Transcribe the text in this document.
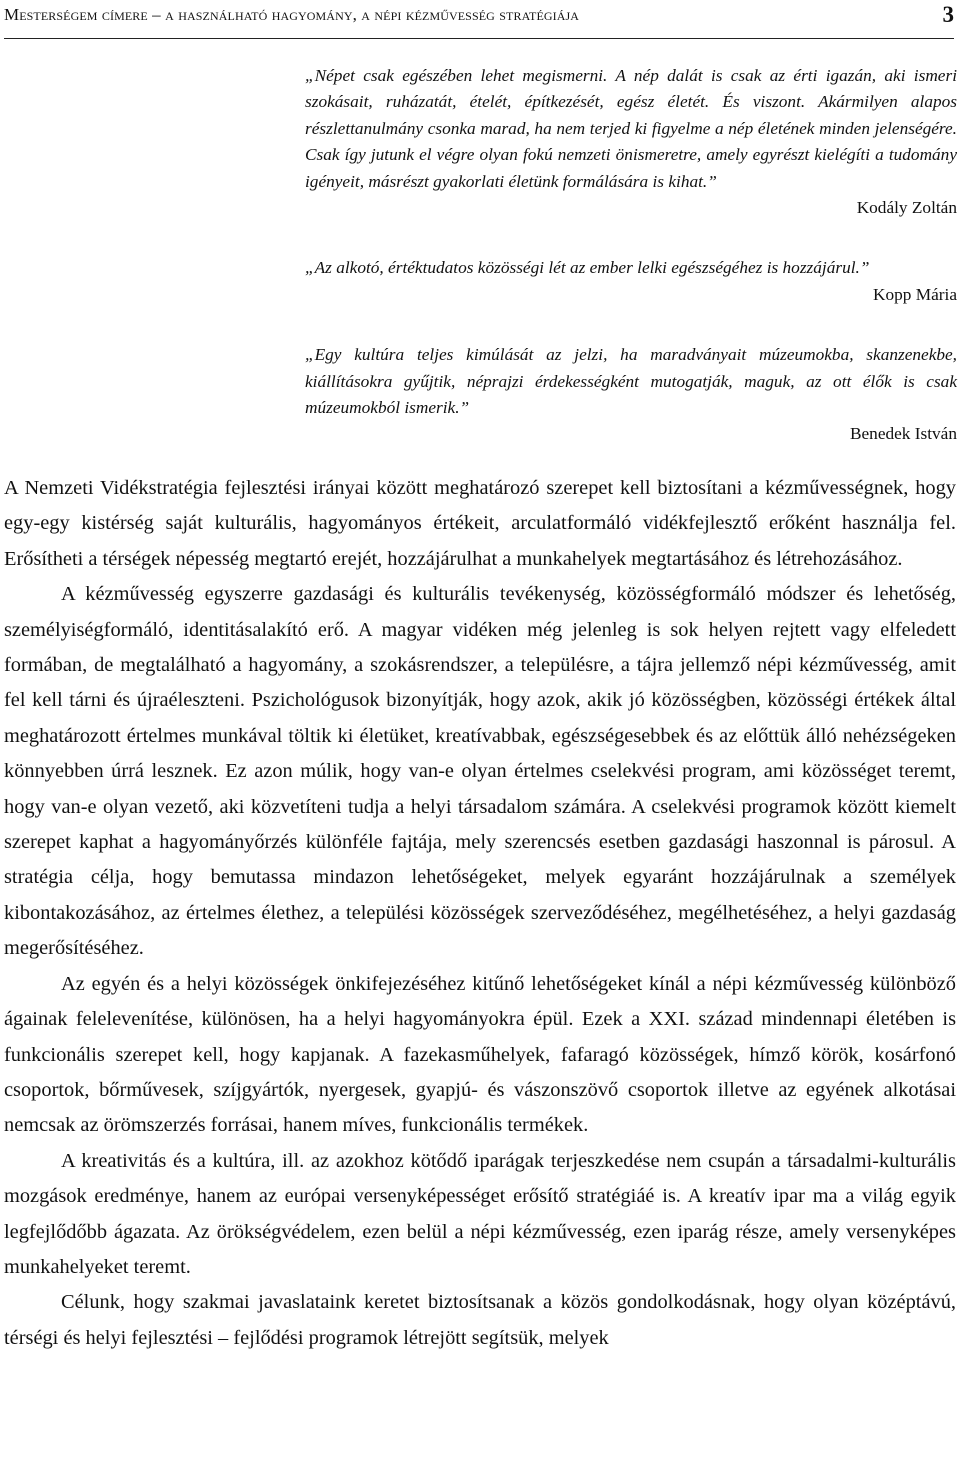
Mesterségem címere – a használható hagyomány, a népi kézművesség stratégiája	3

„Népet csak egészében lehet megismerni. A nép dalát is csak az érti igazán, aki ismeri szokásait, ruházatát, ételét, építkezését, egész életét. És viszont. Akármilyen alapos részlettanulmány csonka marad, ha nem terjed ki figyelme a nép életének minden jelenségére. Csak így jutunk el végre olyan fokú nemzeti önismeretre, amely egyrészt kielégíti a tudomány igényeit, másrészt gyakorlati életünk formálására is kihat.”

Kodály Zoltán

„Az alkotó, értéktudatos közösségi lét az ember lelki egészségéhez is hozzájárul.”

Kopp Mária

„Egy kultúra teljes kimúlását az jelzi, ha maradványait múzeumokba, skanzenekbe, kiállításokra gyűjtik, néprajzi érdekességként mutogatják, maguk, az ott élők is csak múzeumokból ismerik.”

Benedek István

A Nemzeti Vidékstratégia fejlesztési irányai között meghatározó szerepet kell biztosítani a kézművességnek, hogy egy-egy kistérség saját kulturális, hagyományos értékeit, arculatformáló vidékfejlesztő erőként használja fel. Erősítheti a térségek népesség megtartó erejét, hozzájárulhat a munkahelyek megtartásához és létrehozásához.

A kézművesség egyszerre gazdasági és kulturális tevékenység, közösségformáló módszer és lehetőség, személyiségformáló, identitásalakító erő. A magyar vidéken még jelenleg is sok helyen rejtett vagy elfeledett formában, de megtalálható a hagyomány, a szokásrendszer, a településre, a tájra jellemző népi kézművesség, amit fel kell tárni és újraéleszteni. Pszichológusok bizonyítják, hogy azok, akik jó közösségben, közösségi értékek által meghatározott értelmes munkával töltik ki életüket, kreatívabbak, egészségesebbek és az előttük álló nehézségeken könnyebben úrrá lesznek. Ez azon múlik, hogy van-e olyan értelmes cselekvési program, ami közösséget teremt, hogy van-e olyan vezető, aki közvetíteni tudja a helyi társadalom számára. A cselekvési programok között kiemelt szerepet kaphat a hagyományőrzés különféle fajtája, mely szerencsés esetben gazdasági haszonnal is párosul. A stratégia célja, hogy bemutassa mindazon lehetőségeket, melyek egyaránt hozzájárulnak a személyek kibontakozásához, az értelmes élethez, a települési közösségek szerveződéséhez, megélhetéséhez, a helyi gazdaság megerősítéséhez.

Az egyén és a helyi közösségek önkifejezéséhez kitűnő lehetőségeket kínál a népi kézművesség különböző ágainak felelevenítése, különösen, ha a helyi hagyományokra épül. Ezek a XXI. század mindennapi életében is funkcionális szerepet kell, hogy kapjanak. A fazekasműhelyek, fafaragó közösségek, hímző körök, kosárfonó csoportok, bőrművesek, szíjgyártók, nyergesek, gyapjú- és vászonszövő csoportok illetve az egyének alkotásai nemcsak az örömszerzés forrásai, hanem míves, funkcionális termékek.

A kreativitás és a kultúra, ill. az azokhoz kötődő iparágak terjeszkedése nem csupán a társadalmi-kulturális mozgások eredménye, hanem az európai versenyképességet erősítő stratégiáé is. A kreatív ipar ma a világ egyik legfejlődőbb ágazata. Az örökségvédelem, ezen belül a népi kézművesség, ezen iparág része, amely versenyképes munkahelyeket teremt.

Célunk, hogy szakmai javaslataink keretet biztosítsanak a közös gondolkodásnak, hogy olyan középtávú, térségi és helyi fejlesztési – fejlődési programok létrejött segítsük, melyek
